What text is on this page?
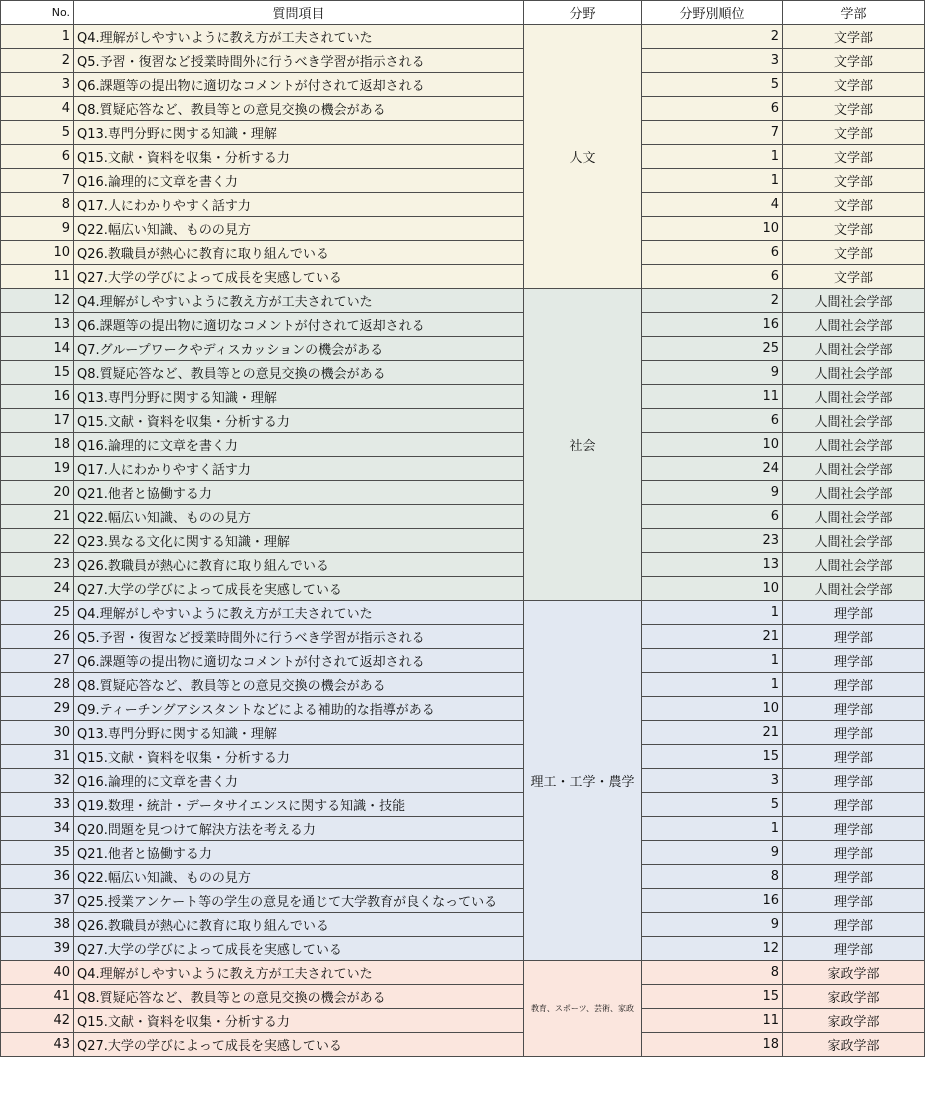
No.	質問項目	分野	分野別順位	学部
1	Q4.理解がしやすいように教え方が工夫されていた	人文	2	文学部
2	Q5.予習・復習など授業時間外に行うべき学習が指示される		3	文学部
3	Q6.課題等の提出物に適切なコメントが付されて返却される		5	文学部
4	Q8.質疑応答など、教員等との意見交換の機会がある		6	文学部
5	Q13.専門分野に関する知識・理解		7	文学部
6	Q15.文献・資料を収集・分析する力		1	文学部
7	Q16.論理的に文章を書く力		1	文学部
8	Q17.人にわかりやすく話す力		4	文学部
9	Q22.幅広い知識、ものの見方		10	文学部
10	Q26.教職員が熱心に教育に取り組んでいる		6	文学部
11	Q27.大学の学びによって成長を実感している		6	文学部
12	Q4.理解がしやすいように教え方が工夫されていた	社会	2	人間社会学部
13	Q6.課題等の提出物に適切なコメントが付されて返却される		16	人間社会学部
14	Q7.グループワークやディスカッションの機会がある		25	人間社会学部
15	Q8.質疑応答など、教員等との意見交換の機会がある		9	人間社会学部
16	Q13.専門分野に関する知識・理解		11	人間社会学部
17	Q15.文献・資料を収集・分析する力		6	人間社会学部
18	Q16.論理的に文章を書く力		10	人間社会学部
19	Q17.人にわかりやすく話す力		24	人間社会学部
20	Q21.他者と協働する力		9	人間社会学部
21	Q22.幅広い知識、ものの見方		6	人間社会学部
22	Q23.異なる文化に関する知識・理解		23	人間社会学部
23	Q26.教職員が熱心に教育に取り組んでいる		13	人間社会学部
24	Q27.大学の学びによって成長を実感している		10	人間社会学部
25	Q4.理解がしやすいように教え方が工夫されていた	理工・工学・農学	1	理学部
26	Q5.予習・復習など授業時間外に行うべき学習が指示される		21	理学部
27	Q6.課題等の提出物に適切なコメントが付されて返却される		1	理学部
28	Q8.質疑応答など、教員等との意見交換の機会がある		1	理学部
29	Q9.ティーチングアシスタントなどによる補助的な指導がある		10	理学部
30	Q13.専門分野に関する知識・理解		21	理学部
31	Q15.文献・資料を収集・分析する力		15	理学部
32	Q16.論理的に文章を書く力		3	理学部
33	Q19.数理・統計・データサイエンスに関する知識・技能		5	理学部
34	Q20.問題を見つけて解決方法を考える力		1	理学部
35	Q21.他者と協働する力		9	理学部
36	Q22.幅広い知識、ものの見方		8	理学部
37	Q25.授業アンケート等の学生の意見を通じて大学教育が良くなっている		16	理学部
38	Q26.教職員が熱心に教育に取り組んでいる		9	理学部
39	Q27.大学の学びによって成長を実感している		12	理学部
40	Q4.理解がしやすいように教え方が工夫されていた	教育、スポーツ、芸術、家政	8	家政学部
41	Q8.質疑応答など、教員等との意見交換の機会がある		15	家政学部
42	Q15.文献・資料を収集・分析する力		11	家政学部
43	Q27.大学の学びによって成長を実感している		18	家政学部
